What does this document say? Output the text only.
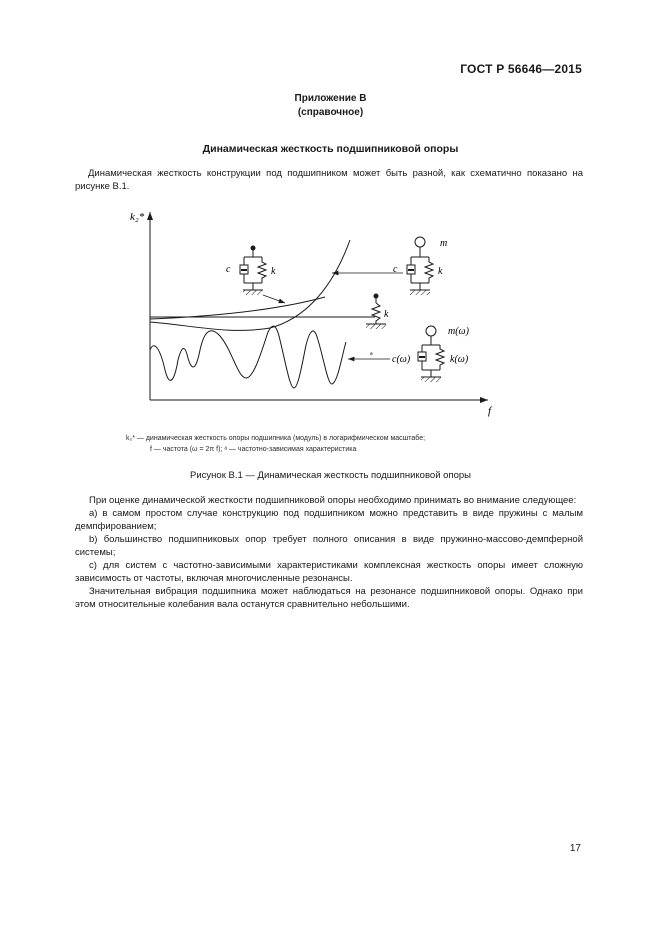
ГОСТ Р 56646—2015
Приложение В
(справочное)
Динамическая жесткость подшипниковой опоры
Динамическая жесткость конструкции под подшипником может быть разной, как схематично показано на рисунке В.1.
k₂*
f
c	k
m
c	k
k
m(ω)
c(ω)	k(ω)
a
k₂* — динамическая жесткость опоры подшипника (модуль) в логарифмическом масштабе;
f — частота (ω = 2π f); ᵃ — частотно-зависимая характеристика
Рисунок В.1 — Динамическая жесткость подшипниковой опоры

При оценке динамической жесткости подшипниковой опоры необходимо принимать во внимание следующее:

а) в самом простом случае конструкцию под подшипником можно представить в виде пружины с малым демпфированием;

b) большинство подшипниковых опор требует полного описания в виде пружинно-массово-демпферной системы;

c) для систем с частотно-зависимыми характеристиками комплексная жесткость опоры имеет сложную зависимость от частоты, включая многочисленные резонансы.

Значительная вибрация подшипника может наблюдаться на резонансе подшипниковой опоры. Однако при этом относительные колебания вала останутся сравнительно небольшими.

17
